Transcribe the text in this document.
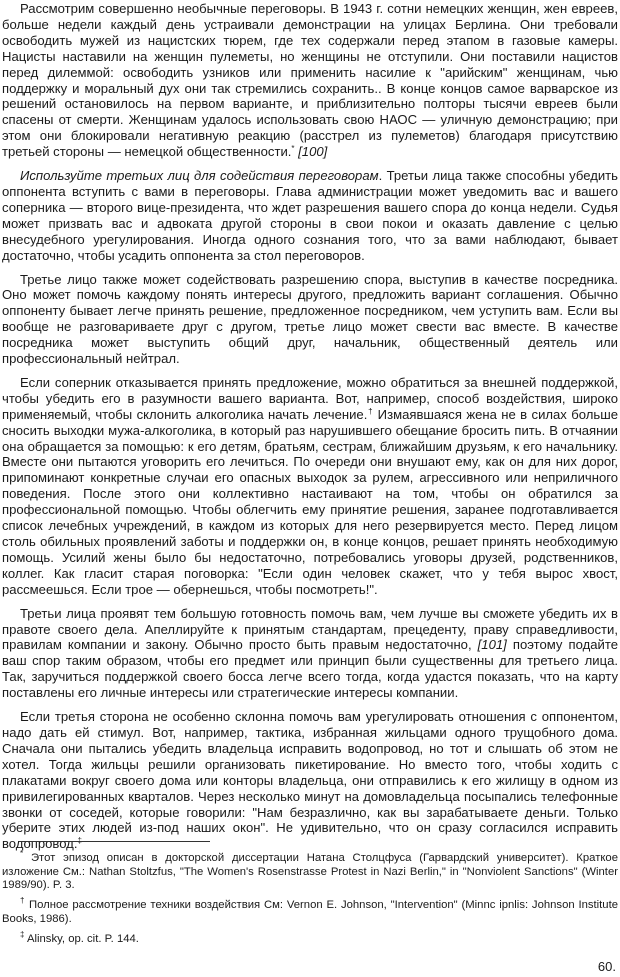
Рассмотрим совершенно необычные переговоры. В 1943 г. сотни немецких женщин, жен евреев, больше недели каждый день устраивали демонстрации на улицах Берлина. Они требовали освободить мужей из нацистских тюрем, где тех содержали перед этапом в газовые камеры. Нацисты наставили на женщин пулеметы, но женщины не отступили. Они поставили нацистов перед дилеммой: освободить узников или применить насилие к "арийским" женщинам, чью поддержку и моральный дух они так стремились сохранить.. В конце концов самое варварское из решений остановилось на первом варианте, и приблизительно полторы тысячи евреев были спасены от смерти. Женщинам удалось использовать свою НАОС — уличную демонстрацию; при этом они блокировали негативную реакцию (расстрел из пулеметов) благодаря присутствию третьей стороны — немецкой общественности.* [100]

Используйте третьих лиц для содействия переговорам. Третьи лица также способны убедить оппонента вступить с вами в переговоры. Глава администрации может уведомить вас и вашего соперника — второго вице-президента, что ждет разрешения вашего спора до конца недели. Судья может призвать вас и адвоката другой стороны в свои покои и оказать давление с целью внесудебного урегулирования. Иногда одного сознания того, что за вами наблюдают, бывает достаточно, чтобы усадить оппонента за стол переговоров.

Третье лицо также может содействовать разрешению спора, выступив в качестве посредника. Оно может помочь каждому понять интересы другого, предложить вариант соглашения. Обычно оппоненту бывает легче принять решение, предложенное посредником, чем уступить вам. Если вы вообще не разговариваете друг с другом, третье лицо может свести вас вместе. В качестве посредника может выступить общий друг, начальник, общественный деятель или профессиональный нейтрал.

Если соперник отказывается принять предложение, можно обратиться за внешней поддержкой, чтобы убедить его в разумности вашего варианта. Вот, например, способ воздействия, широко применяемый, чтобы склонить алкоголика начать лечение.† Измаявшаяся жена не в силах больше сносить выходки мужа-алкоголика, в который раз нарушившего обещание бросить пить. В отчаянии она обращается за помощью: к его детям, братьям, сестрам, ближайшим друзьям, к его начальнику. Вместе они пытаются уговорить его лечиться. По очереди они внушают ему, как он для них дорог, припоминают конкретные случаи его опасных выходок за рулем, агрессивного или неприличного поведения. После этого они коллективно настаивают на том, чтобы он обратился за профессиональной помощью. Чтобы облегчить ему принятие решения, заранее подготавливается список лечебных учреждений, в каждом из которых для него резервируется место. Перед лицом столь обильных проявлений заботы и поддержки он, в конце концов, решает принять необходимую помощь. Усилий жены было бы недостаточно, потребовались уговоры друзей, родственников, коллег. Как гласит старая поговорка: "Если один человек скажет, что у тебя вырос хвост, рассмеешься. Если трое — обернешься, чтобы посмотреть!".

Третьи лица проявят тем большую готовность помочь вам, чем лучше вы сможете убедить их в правоте своего дела. Апеллируйте к принятым стандартам, прецеденту, праву справедливости, правилам компании и закону. Обычно просто быть правым недостаточно, [101] поэтому подайте ваш спор таким образом, чтобы его предмет или принцип были существенны для третьего лица. Так, заручиться поддержкой своего босса легче всего тогда, когда удастся показать, что на карту поставлены его личные интересы или стратегические интересы компании.

Если третья сторона не особенно склонна помочь вам урегулировать отношения с оппонентом, надо дать ей стимул. Вот, например, тактика, избранная жильцами одного трущобного дома. Сначала они пытались убедить владельца исправить водопровод, но тот и слышать об этом не хотел. Тогда жильцы решили организовать пикетирование. Но вместо того, чтобы ходить с плакатами вокруг своего дома или конторы владельца, они отправились к его жилищу в одном из привилегированных кварталов. Через несколько минут на домовладельца посыпались телефонные звонки от соседей, которые говорили: "Нам безразлично, как вы зарабатываете деньги. Только уберите этих людей из-под наших окон". Не удивительно, что он сразу согласился исправить водопровод.‡

* Этот эпизод описан в докторской диссертации Натана Столцфуса (Гарвардский университет). Краткое изложение См.: Nathan Stoltzfus, "The Women's Rosenstrasse Protest in Nazi Berlin," in "Nonviolent Sanctions" (Winter 1989/90). P. 3.
† Полное рассмотрение техники воздействия См: Vernon E. Johnson, "Intervention" (Minnc ipnlis: Johnson Institute Books, 1986).
‡ Alinsky, op. cit. P. 144.
60.
